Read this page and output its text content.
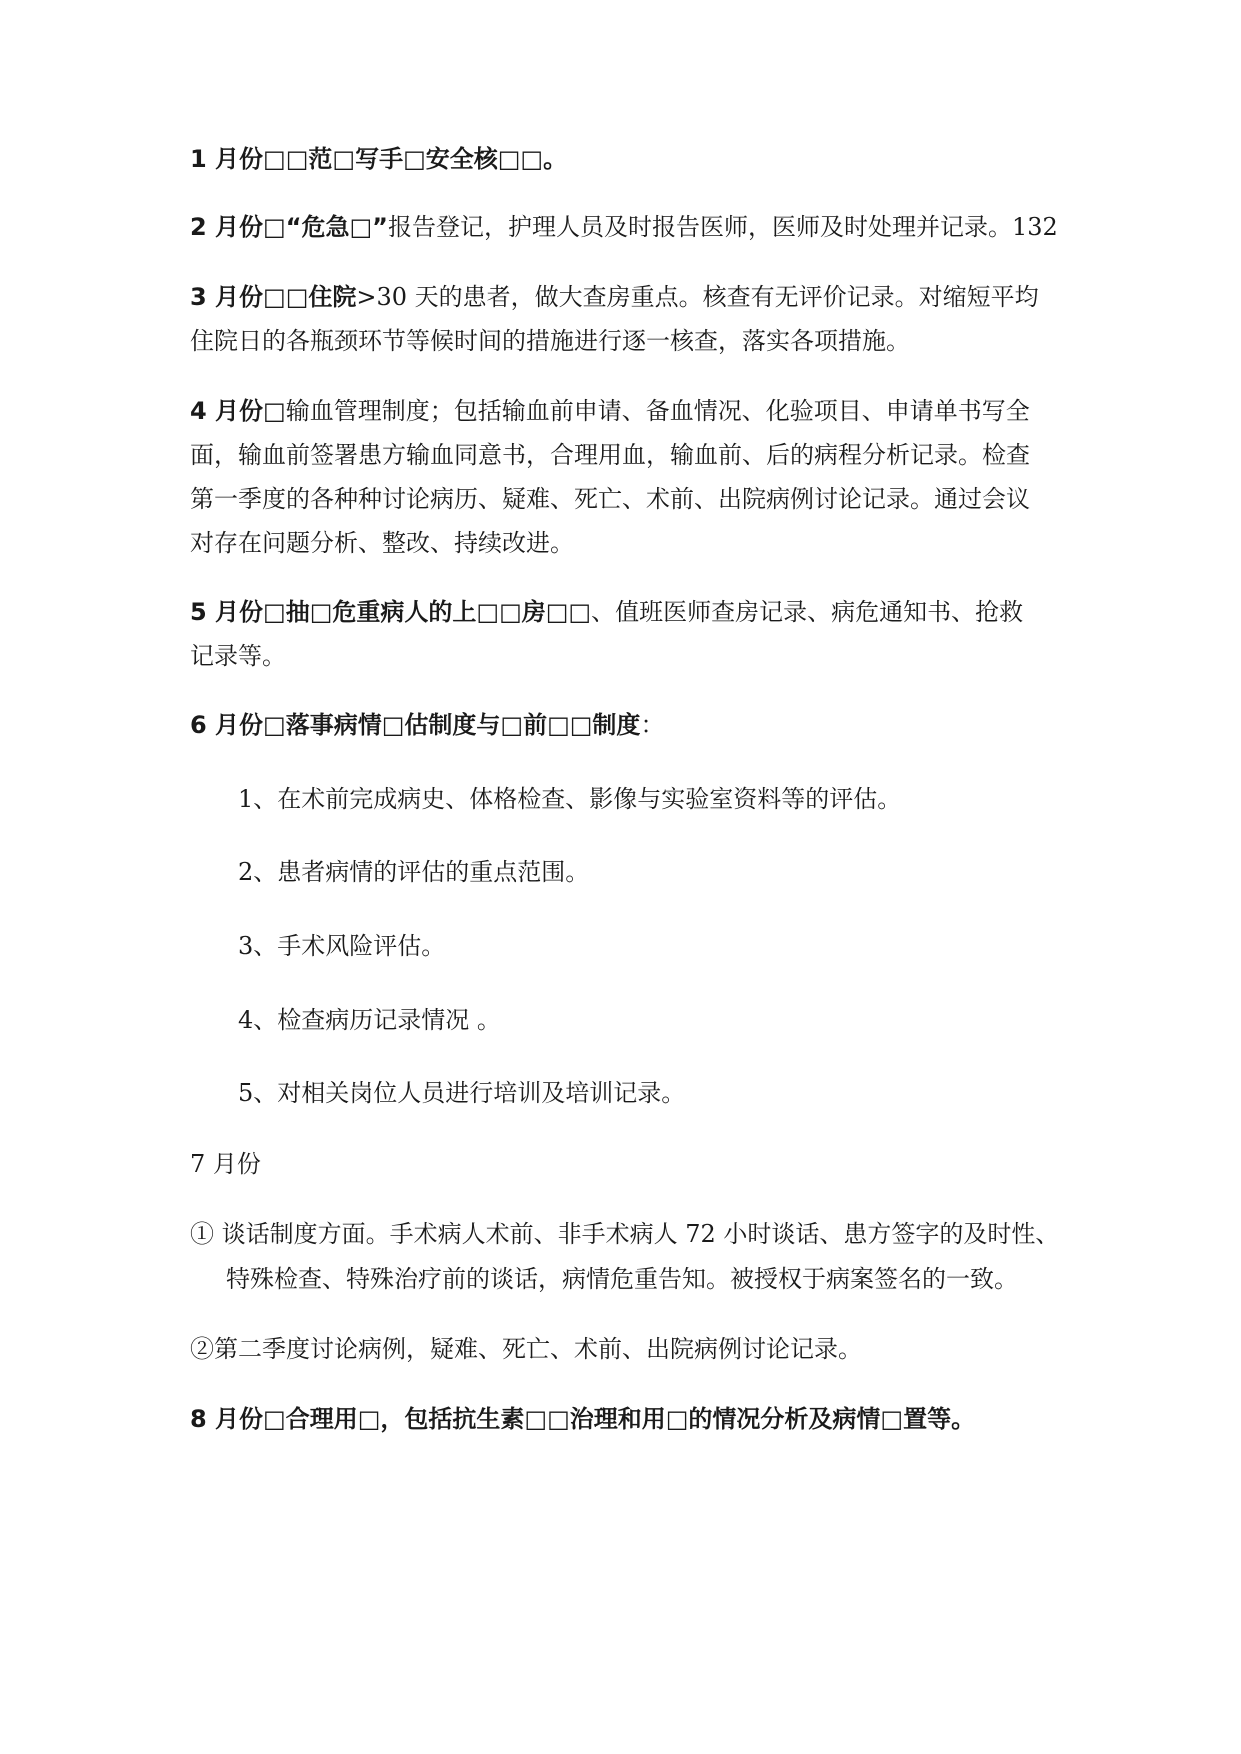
1 月份□□范□写手□安全核□□。
2 月份□“危急□”报告登记，护理人员及时报告医师，医师及时处理并记录。132
3 月份□□住院>30 天的患者，做大查房重点。核查有无评价记录。对缩短平均
住院日的各瓶颈环节等候时间的措施进行逐一核查，落实各项措施。
4 月份□输血管理制度；包括输血前申请、备血情况、化验项目、申请单书写全
面，输血前签署患方输血同意书，合理用血，输血前、后的病程分析记录。检查
第一季度的各种种讨论病历、疑难、死亡、术前、出院病例讨论记录。通过会议
对存在问题分析、整改、持续改进。
5 月份□抽□危重病人的上□□房□□、值班医师查房记录、病危通知书、抢救
记录等。
6 月份□落事病情□估制度与□前□□制度：
1、在术前完成病史、体格检查、影像与实验室资料等的评估。
2、患者病情的评估的重点范围。
3、手术风险评估。
4、检查病历记录情况 。
5、对相关岗位人员进行培训及培训记录。
7 月份
① 谈话制度方面。手术病人术前、非手术病人 72 小时谈话、患方签字的及时性、
特殊检查、特殊治疗前的谈话，病情危重告知。被授权于病案签名的一致。
②第二季度讨论病例，疑难、死亡、术前、出院病例讨论记录。
8 月份□合理用□，包括抗生素□□治理和用□的情况分析及病情□置等。
